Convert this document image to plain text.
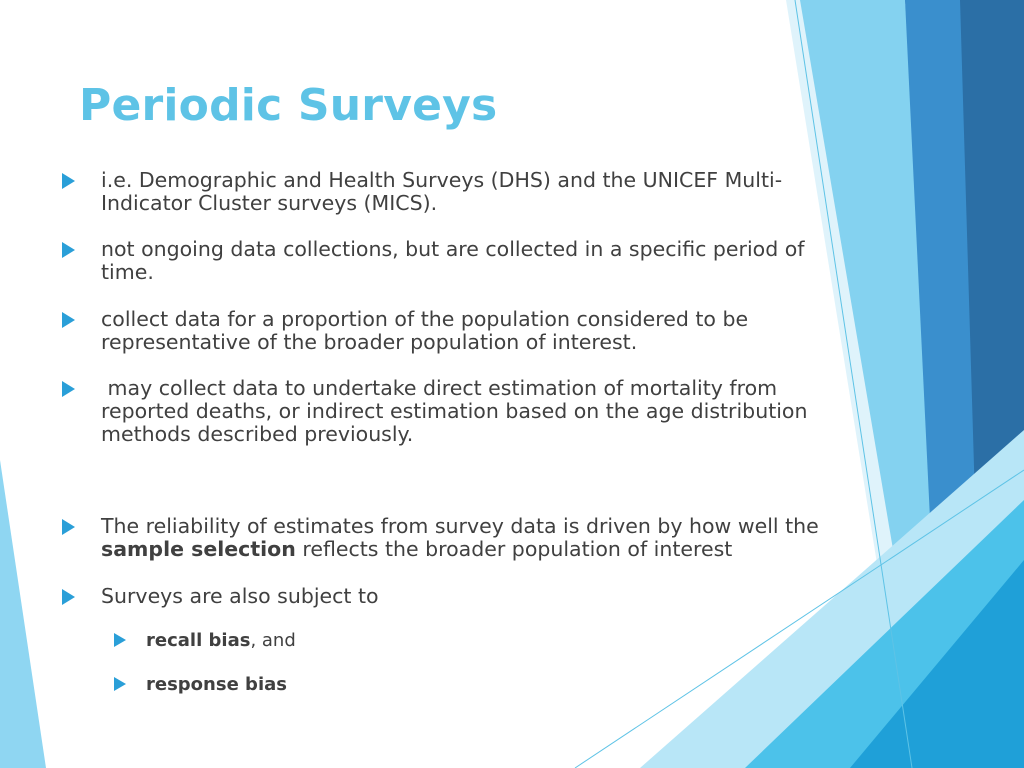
Periodic Surveys
i.e. Demographic and Health Surveys (DHS) and the UNICEF Multi-Indicator Cluster surveys (MICS).
not ongoing data collections, but are collected in a specific period of time.
collect data for a proportion of the population considered to be representative of the broader population of interest.
may collect data to undertake direct estimation of mortality from reported deaths, or indirect estimation based on the age distribution methods described previously.
The reliability of estimates from survey data is driven by how well the sample selection reflects the broader population of interest
Surveys are also subject to
recall bias, and
response bias
